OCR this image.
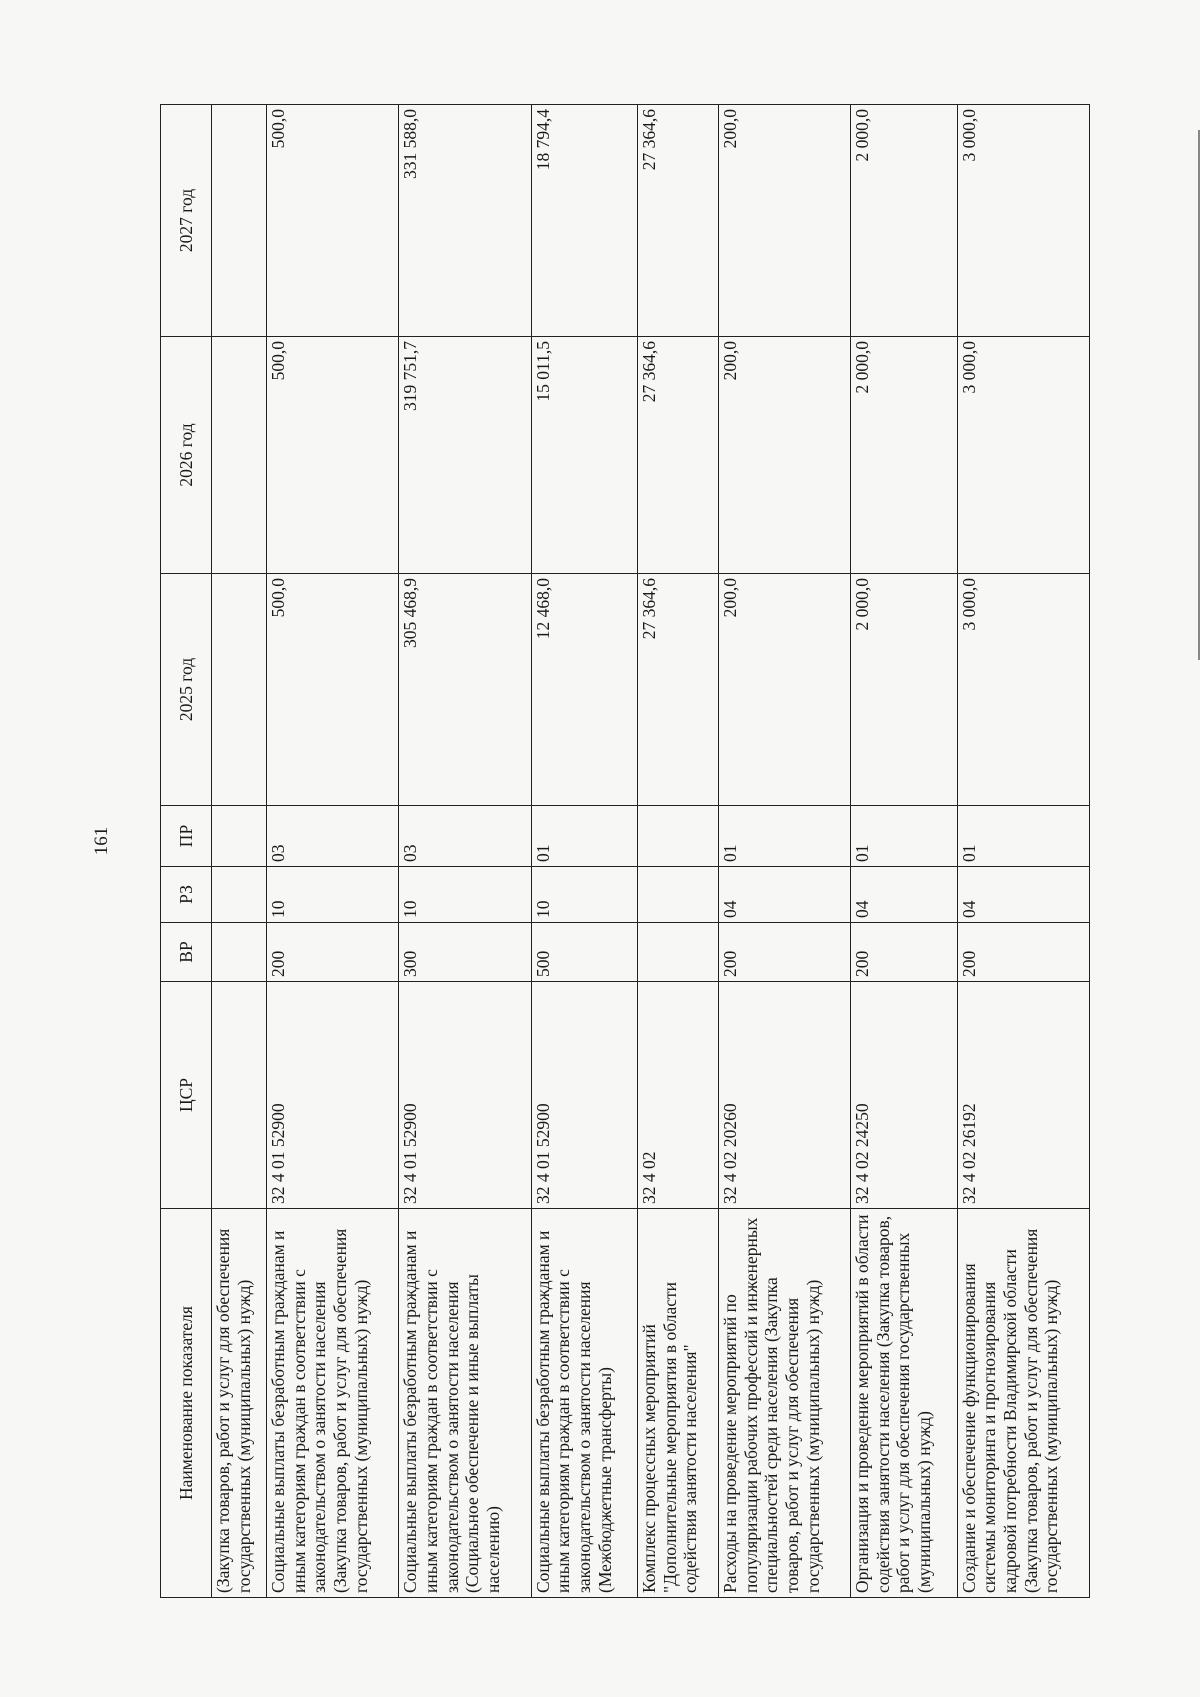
161
Наименование показателя	ЦСР	ВР	РЗ	ПР	2025 год	2026 год	2027 год
(Закупка товаров, работ и услуг для обеспечения государственных (муниципальных) нужд)							
Социальные выплаты безработным гражданам и иным категориям граждан в соответствии с законодательством о занятости населения (Закупка товаров, работ и услуг для обеспечения государственных (муниципальных) нужд)	32 4 01 52900	200	10	03	500,0	500,0	500,0
Социальные выплаты безработным гражданам и иным категориям граждан в соответствии с законодательством о занятости населения (Социальное обеспечение и иные выплаты населению)	32 4 01 52900	300	10	03	305 468,9	319 751,7	331 588,0
Социальные выплаты безработным гражданам и иным категориям граждан в соответствии с законодательством о занятости населения (Межбюджетные трансферты)	32 4 01 52900	500	10	01	12 468,0	15 011,5	18 794,4
Комплекс процессных мероприятий "Дополнительные мероприятия в области содействия занятости населения"	32 4 02				27 364,6	27 364,6	27 364,6
Расходы на проведение мероприятий по популяризации рабочих профессий и инженерных специальностей среди населения (Закупка товаров, работ и услуг для обеспечения государственных (муниципальных) нужд)	32 4 02 20260	200	04	01	200,0	200,0	200,0
Организация и проведение мероприятий в области содействия занятости населения (Закупка товаров, работ и услуг для обеспечения государственных (муниципальных) нужд)	32 4 02 24250	200	04	01	2 000,0	2 000,0	2 000,0
Создание и обеспечение функционирования системы мониторинга и прогнозирования кадровой потребности Владимирской области (Закупка товаров, работ и услуг для обеспечения государственных (муниципальных) нужд)	32 4 02 26192	200	04	01	3 000,0	3 000,0	3 000,0
